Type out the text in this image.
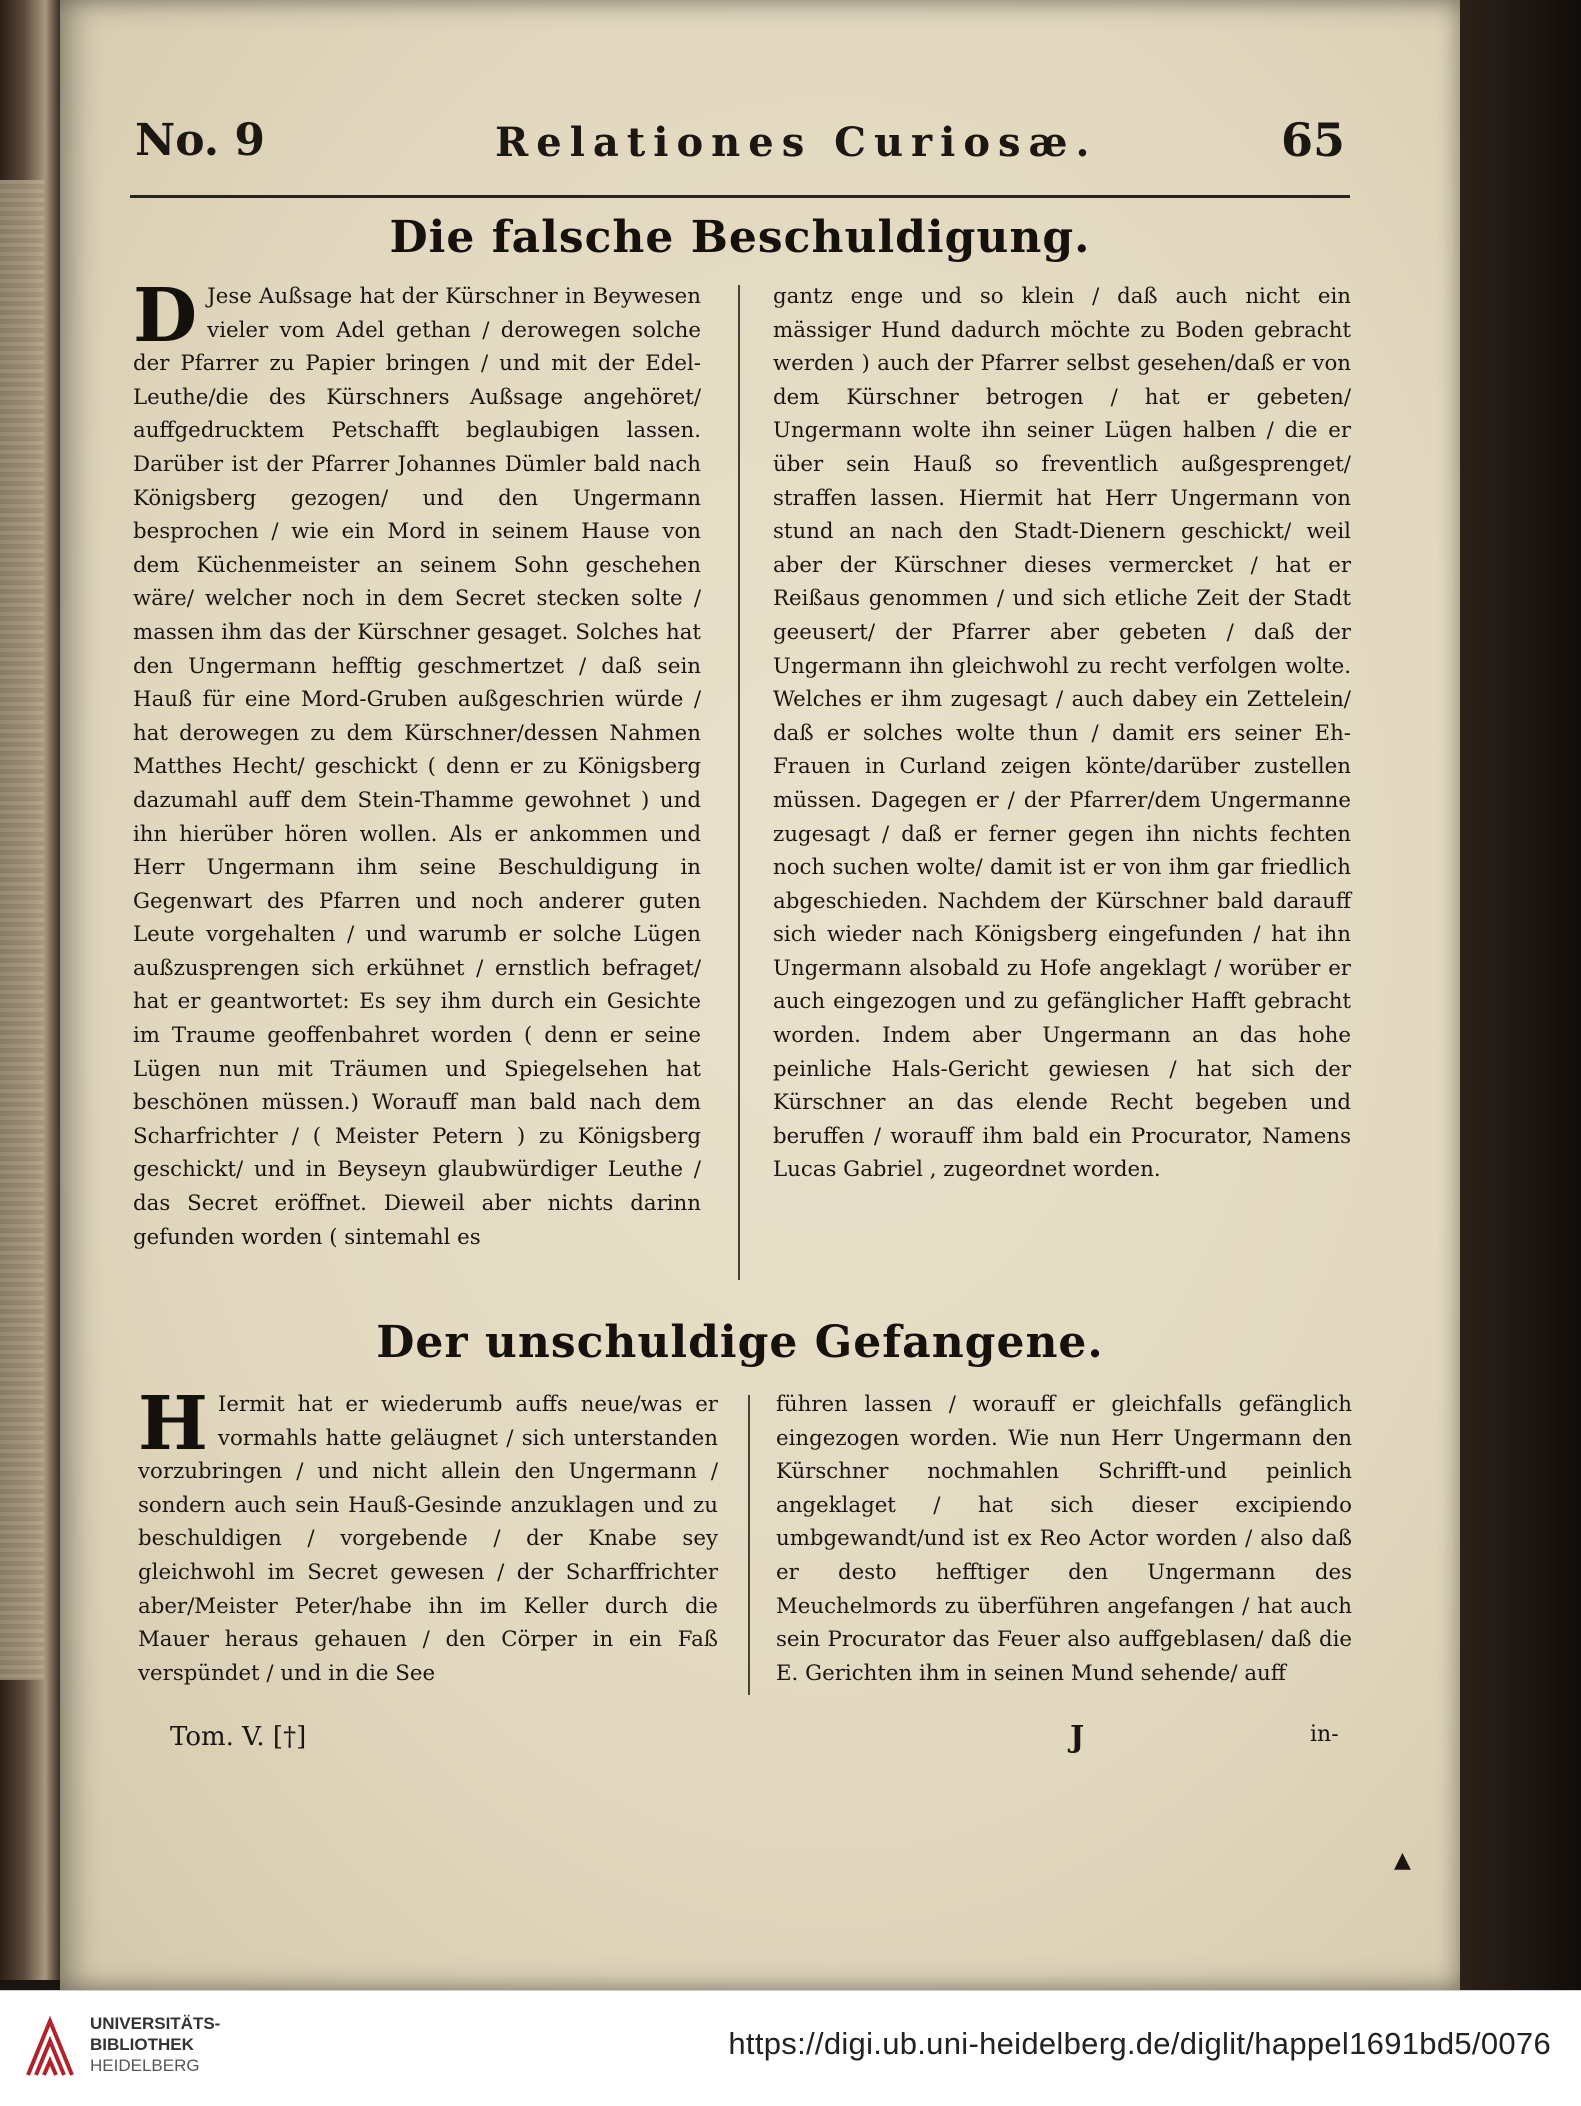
No. 9	Relationes Curiosæ.	65
Die falsche Beschuldigung.
D Jese Außsage hat der Kürschner in Beywesen vieler vom Adel gethan / derowegen solche der Pfarrer zu Papier bringen / und mit der Edel-Leuthe/die des Kürschners Außsage angehöret/ auffgedrucktem Petschafft beglaubigen lassen. Darüber ist der Pfarrer Johannes Dümler bald nach Königsberg gezogen/ und den Ungermann besprochen / wie ein Mord in seinem Hause von dem Küchenmeister an seinem Sohn geschehen wäre/ welcher noch in dem Secret stecken solte / massen ihm das der Kürschner gesaget. Solches hat den Ungermann hefftig geschmertzet / daß sein Hauß für eine Mord-Gruben außgeschrien würde / hat derowegen zu dem Kürschner/dessen Nahmen Matthes Hecht/ geschickt ( denn er zu Königsberg dazumahl auff dem Stein-Thamme gewohnet ) und ihn hierüber hören wollen. Als er ankommen und Herr Ungermann ihm seine Beschuldigung in Gegenwart des Pfarren und noch anderer guten Leute vorgehalten / und warumb er solche Lügen außzusprengen sich erkühnet / ernstlich befraget/ hat er geantwortet: Es sey ihm durch ein Gesichte im Traume geoffenbahret worden ( denn er seine Lügen nun mit Träumen und Spiegelsehen hat beschönen müssen.) Worauff man bald nach dem Scharfrichter / ( Meister Petern ) zu Königsberg geschickt/ und in Beyseyn glaubwürdiger Leuthe / das Secret eröffnet. Dieweil aber nichts darinn gefunden worden ( sintemahl es
gantz enge und so klein / daß auch nicht ein mässiger Hund dadurch möchte zu Boden gebracht werden ) auch der Pfarrer selbst gesehen/daß er von dem Kürschner betrogen / hat er gebeten/ Ungermann wolte ihn seiner Lügen halben / die er über sein Hauß so freventlich außgesprenget/ straffen lassen. Hiermit hat Herr Ungermann von stund an nach den Stadt-Dienern geschickt/ weil aber der Kürschner dieses vermercket / hat er Reißaus genommen / und sich etliche Zeit der Stadt geeusert/ der Pfarrer aber gebeten / daß der Ungermann ihn gleichwohl zu recht verfolgen wolte. Welches er ihm zugesagt / auch dabey ein Zettelein/ daß er solches wolte thun / damit ers seiner Eh-Frauen in Curland zeigen könte/darüber zustellen müssen. Dagegen er / der Pfarrer/dem Ungermanne zugesagt / daß er ferner gegen ihn nichts fechten noch suchen wolte/ damit ist er von ihm gar friedlich abgeschieden. Nachdem der Kürschner bald darauff sich wieder nach Königsberg eingefunden / hat ihn Ungermann alsobald zu Hofe angeklagt / worüber er auch eingezogen und zu gefänglicher Hafft gebracht worden. Indem aber Ungermann an das hohe peinliche Hals-Gericht gewiesen / hat sich der Kürschner an das elende Recht begeben und beruffen / worauff ihm bald ein Procurator, Namens Lucas Gabriel , zugeordnet worden.
Der unschuldige Gefangene.
H Iermit hat er wiederumb auffs neue/was er vormahls hatte geläugnet / sich unterstanden vorzubringen / und nicht allein den Ungermann / sondern auch sein Hauß-Gesinde anzuklagen und zu beschuldigen / vorgebende / der Knabe sey gleichwohl im Secret gewesen / der Scharffrichter aber/Meister Peter/habe ihn im Keller durch die Mauer heraus gehauen / den Cörper in ein Faß verspündet / und in die See
führen lassen / worauff er gleichfalls gefänglich eingezogen worden. Wie nun Herr Ungermann den Kürschner nochmahlen Schrifft-und peinlich angeklaget / hat sich dieser excipiendo umbgewandt/und ist ex Reo Actor worden / also daß er desto hefftiger den Ungermann des Meuchelmords zu überführen angefangen / hat auch sein Procurator das Feuer also auffgeblasen/ daß die E. Gerichten ihm in seinen Mund sehende/ auff
Tom. V. [†]	J	in-
▲
UNIVERSITÄTS-
BIBLIOTHEK
HEIDELBERG
https://digi.ub.uni-heidelberg.de/diglit/happel1691bd5/0076
